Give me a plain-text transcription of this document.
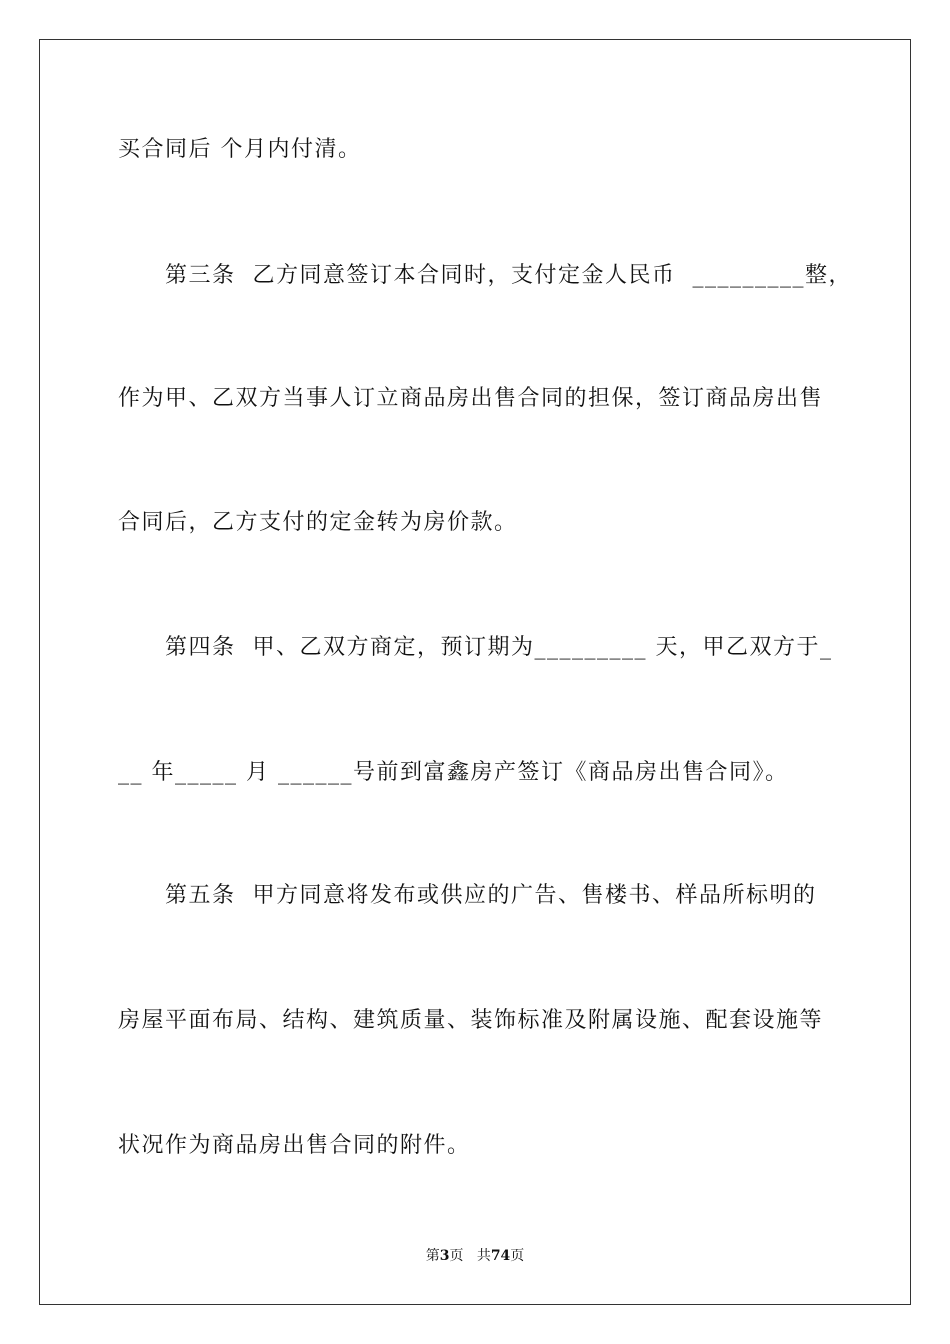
买合同后 个月内付清。
第三条  乙方同意签订本合同时，支付定金人民币  _________整，
作为甲、乙双方当事人订立商品房出售合同的担保，签订商品房出售
合同后，乙方支付的定金转为房价款。
第四条  甲、乙双方商定，预订期为_________ 天，甲乙双方于_
__ 年_____ 月 ______号前到富鑫房产签订《商品房出售合同》。
第五条  甲方同意将发布或供应的广告、售楼书、样品所标明的
房屋平面布局、结构、建筑质量、装饰标准及附属设施、配套设施等
状况作为商品房出售合同的附件。
第3页 共74页
